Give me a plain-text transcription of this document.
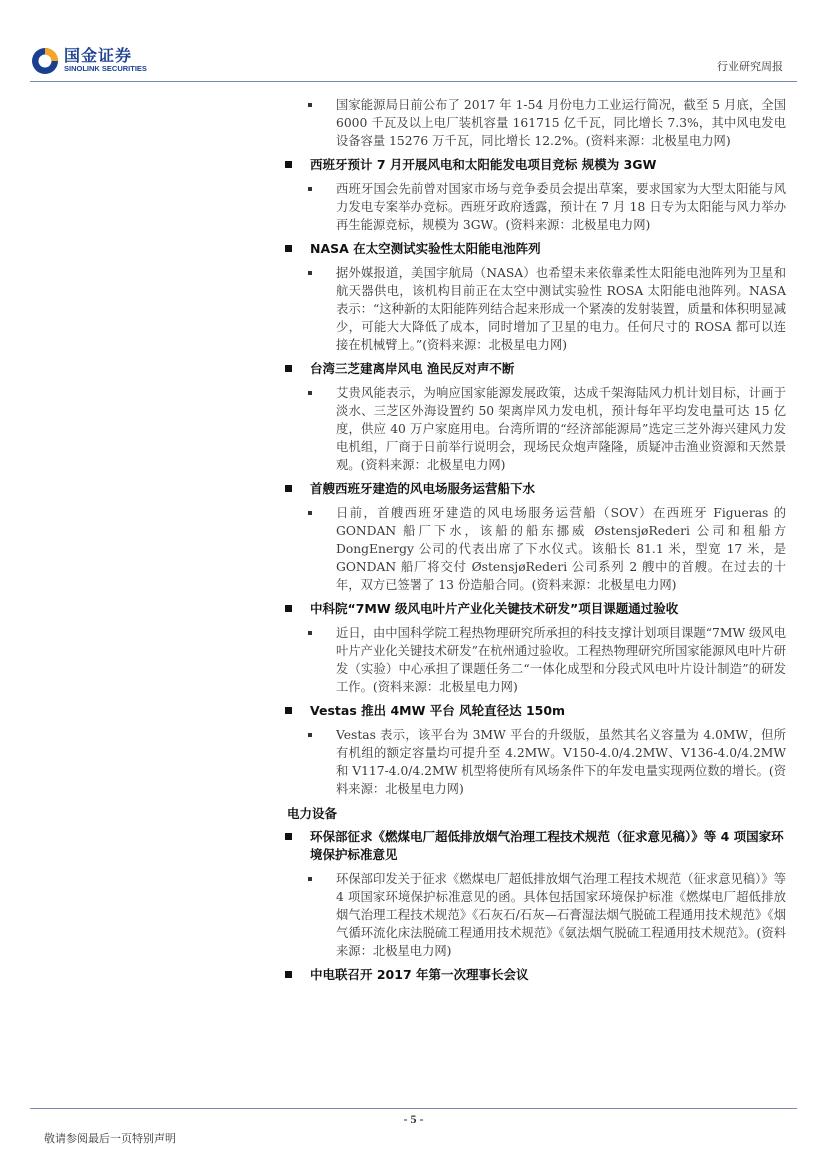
国金证券
SINOLINK SECURITIES	行业研究周报
国家能源局日前公布了 2017 年 1-54 月份电力工业运行简况，截至 5 月底，全国 6000 千瓦及以上电厂装机容量 161715 亿千瓦，同比增长 7.3%，其中风电发电设备容量 15276 万千瓦，同比增长 12.2%。(资料来源：北极星电力网)
西班牙预计 7 月开展风电和太阳能发电项目竞标 规模为 3GW
西班牙国会先前曾对国家市场与竞争委员会提出草案，要求国家为大型太阳能与风力发电专案举办竞标。西班牙政府透露，预计在 7 月 18 日专为太阳能与风力举办再生能源竞标，规模为 3GW。(资料来源：北极星电力网)
NASA 在太空测试实验性太阳能电池阵列
据外媒报道，美国宇航局（NASA）也希望未来依靠柔性太阳能电池阵列为卫星和航天器供电，该机构目前正在太空中测试实验性 ROSA 太阳能电池阵列。NASA 表示：“这种新的太阳能阵列结合起来形成一个紧凑的发射装置，质量和体积明显减少，可能大大降低了成本，同时增加了卫星的电力。任何尺寸的 ROSA 都可以连接在机械臂上。”(资料来源：北极星电力网)
台湾三芝建离岸风电 渔民反对声不断
艾贵风能表示，为响应国家能源发展政策，达成千架海陆风力机计划目标，计画于淡水、三芝区外海设置约 50 架离岸风力发电机，预计每年平均发电量可达 15 亿度，供应 40 万户家庭用电。台湾所谓的“经济部能源局”选定三芝外海兴建风力发电机组，厂商于日前举行说明会，现场民众炮声隆隆，质疑冲击渔业资源和天然景观。(资料来源：北极星电力网)
首艘西班牙建造的风电场服务运营船下水
日前，首艘西班牙建造的风电场服务运营船（SOV）在西班牙 Figueras 的 GONDAN 船厂下水，该船的船东挪威 ØstensjøRederi 公司和租船方 DongEnergy 公司的代表出席了下水仪式。该船长 81.1 米，型宽 17 米，是 GONDAN 船厂将交付 ØstensjøRederi 公司系列 2 艘中的首艘。在过去的十年，双方已签署了 13 份造船合同。(资料来源：北极星电力网)
中科院“7MW 级风电叶片产业化关键技术研发”项目课题通过验收
近日，由中国科学院工程热物理研究所承担的科技支撑计划项目课题“7MW 级风电叶片产业化关键技术研发”在杭州通过验收。工程热物理研究所国家能源风电叶片研发（实验）中心承担了课题任务二“一体化成型和分段式风电叶片设计制造”的研发工作。(资料来源：北极星电力网)
Vestas 推出 4MW 平台 风轮直径达 150m
Vestas 表示，该平台为 3MW 平台的升级版，虽然其名义容量为 4.0MW，但所有机组的额定容量均可提升至 4.2MW。V150-4.0/4.2MW、V136-4.0/4.2MW 和 V117-4.0/4.2MW 机型将使所有风场条件下的年发电量实现两位数的增长。(资料来源：北极星电力网)
电力设备
环保部征求《燃煤电厂超低排放烟气治理工程技术规范（征求意见稿）》等 4 项国家环境保护标准意见
环保部印发关于征求《燃煤电厂超低排放烟气治理工程技术规范（征求意见稿）》等 4 项国家环境保护标准意见的函。具体包括国家环境保护标准《燃煤电厂超低排放烟气治理工程技术规范》《石灰石/石灰—石膏湿法烟气脱硫工程通用技术规范》《烟气循环流化床法脱硫工程通用技术规范》《氨法烟气脱硫工程通用技术规范》。(资料来源：北极星电力网)
中电联召开 2017 年第一次理事长会议
- 5 -
敬请参阅最后一页特别声明
